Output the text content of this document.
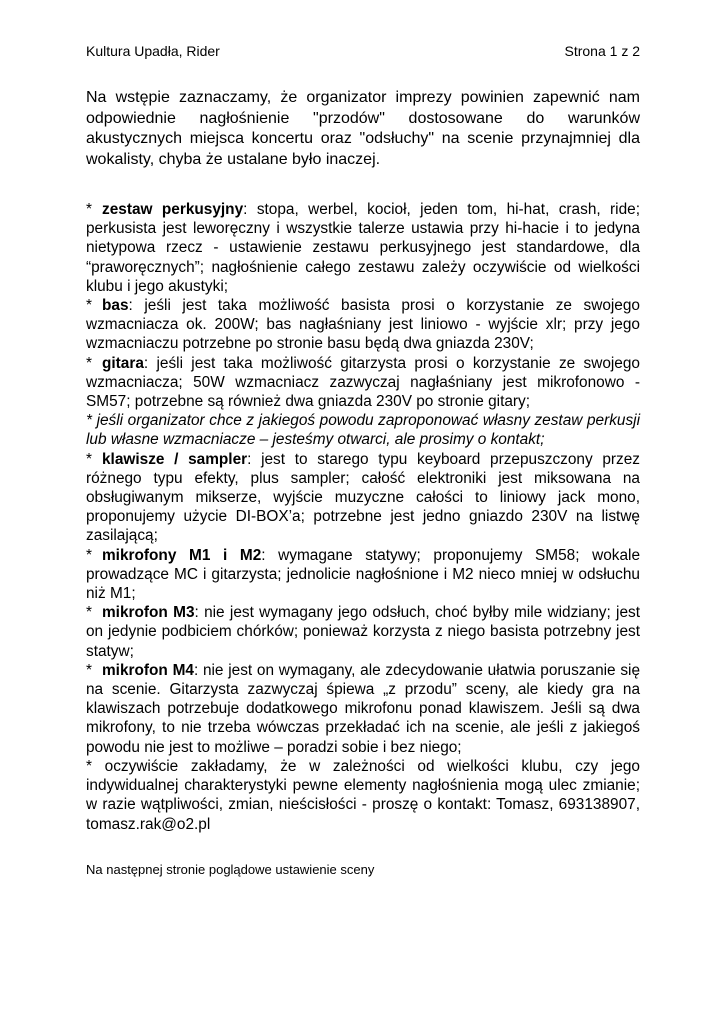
Kultura Upadła, Rider	Strona 1 z 2
Na wstępie zaznaczamy, że organizator imprezy powinien zapewnić nam odpowiednie nagłośnienie "przodów" dostosowane do warunków akustycznych miejsca koncertu oraz "odsłuchy" na scenie przynajmniej dla wokalisty, chyba że ustalane było inaczej.

* zestaw perkusyjny: stopa, werbel, kocioł, jeden tom, hi-hat, crash, ride; perkusista jest leworęczny i wszystkie talerze ustawia przy hi-hacie i to jedyna nietypowa rzecz - ustawienie zestawu perkusyjnego jest standardowe, dla “praworęcznych”; nagłośnienie całego zestawu zależy oczywiście od wielkości klubu i jego akustyki;

* bas: jeśli jest taka możliwość basista prosi o korzystanie ze swojego wzmacniacza ok. 200W; bas nagłaśniany jest liniowo - wyjście xlr; przy jego wzmacniaczu potrzebne po stronie basu będą dwa gniazda 230V;

* gitara: jeśli jest taka możliwość gitarzysta prosi o korzystanie ze swojego wzmacniacza; 50W wzmacniacz zazwyczaj nagłaśniany jest mikrofonowo - SM57; potrzebne są również dwa gniazda 230V po stronie gitary;

* jeśli organizator chce z jakiegoś powodu zaproponować własny zestaw perkusji lub własne wzmacniacze – jesteśmy otwarci, ale prosimy o kontakt;

* klawisze / sampler: jest to starego typu keyboard przepuszczony przez różnego typu efekty, plus sampler; całość elektroniki jest miksowana na obsługiwanym mikserze, wyjście muzyczne całości to liniowy jack mono, proponujemy użycie DI-BOX’a; potrzebne jest jedno gniazdo 230V na listwę zasilającą;

* mikrofony M1 i M2: wymagane statywy; proponujemy SM58; wokale prowadzące MC i gitarzysta; jednolicie nagłośnione i M2 nieco mniej w odsłuchu niż M1;

* mikrofon M3: nie jest wymagany jego odsłuch, choć byłby mile widziany; jest on jedynie podbiciem chórków; ponieważ korzysta z niego basista potrzebny jest statyw;

* mikrofon M4: nie jest on wymagany, ale zdecydowanie ułatwia poruszanie się na scenie. Gitarzysta zazwyczaj śpiewa „z przodu” sceny, ale kiedy gra na klawiszach potrzebuje dodatkowego mikrofonu ponad klawiszem. Jeśli są dwa mikrofony, to nie trzeba wówczas przekładać ich na scenie, ale jeśli z jakiegoś powodu nie jest to możliwe – poradzi sobie i bez niego;

* oczywiście zakładamy, że w zależności od wielkości klubu, czy jego indywidualnej charakterystyki pewne elementy nagłośnienia mogą ulec zmianie; w razie wątpliwości, zmian, nieścisłości - proszę o kontakt: Tomasz, 693138907, tomasz.rak@o2.pl

Na następnej stronie poglądowe ustawienie sceny
